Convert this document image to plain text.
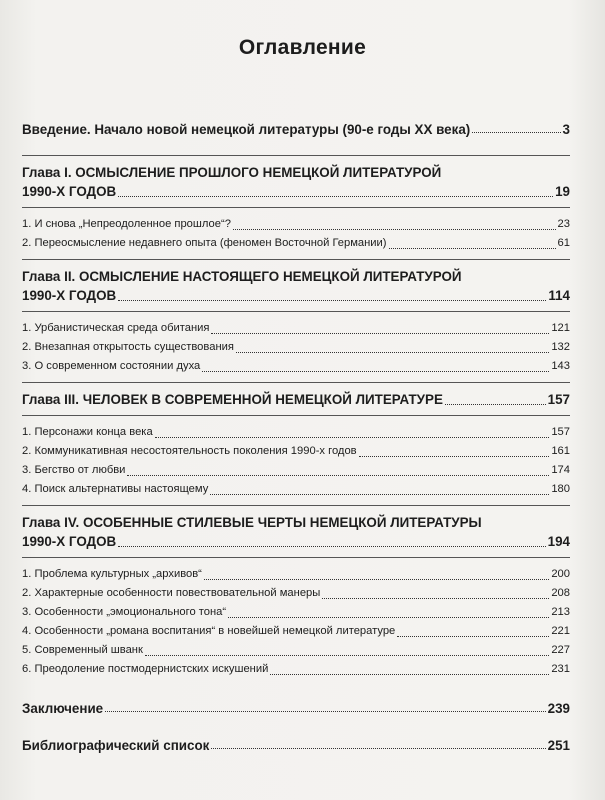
Оглавление
Введение. Начало новой немецкой литературы (90-е годы XX века)	3
Глава I. ОСМЫСЛЕНИЕ ПРОШЛОГО НЕМЕЦКОЙ ЛИТЕРАТУРОЙ
1990-Х ГОДОВ	19
1. И снова „Непреодоленное прошлое“?	23
2. Переосмысление недавнего опыта (феномен Восточной Германии)	61
Глава II. ОСМЫСЛЕНИЕ НАСТОЯЩЕГО НЕМЕЦКОЙ ЛИТЕРАТУРОЙ
1990-Х ГОДОВ	114
1. Урбанистическая среда обитания	121
2. Внезапная открытость существования	132
3. О современном состоянии духа	143
Глава III. ЧЕЛОВЕК В СОВРЕМЕННОЙ НЕМЕЦКОЙ ЛИТЕРАТУРЕ	157
1. Персонажи конца века	157
2. Коммуникативная несостоятельность поколения 1990-х годов	161
3. Бегство от любви	174
4. Поиск альтернативы настоящему	180
Глава IV. ОСОБЕННЫЕ СТИЛЕВЫЕ ЧЕРТЫ НЕМЕЦКОЙ ЛИТЕРАТУРЫ
1990-Х ГОДОВ	194
1. Проблема культурных „архивов“	200
2. Характерные особенности повествовательной манеры	208
3. Особенности „эмоционального тона“	213
4. Особенности „романа воспитания“ в новейшей немецкой литературе	221
5. Современный шванк	227
6. Преодоление постмодернистских искушений	231
Заключение	239
Библиографический список	251
